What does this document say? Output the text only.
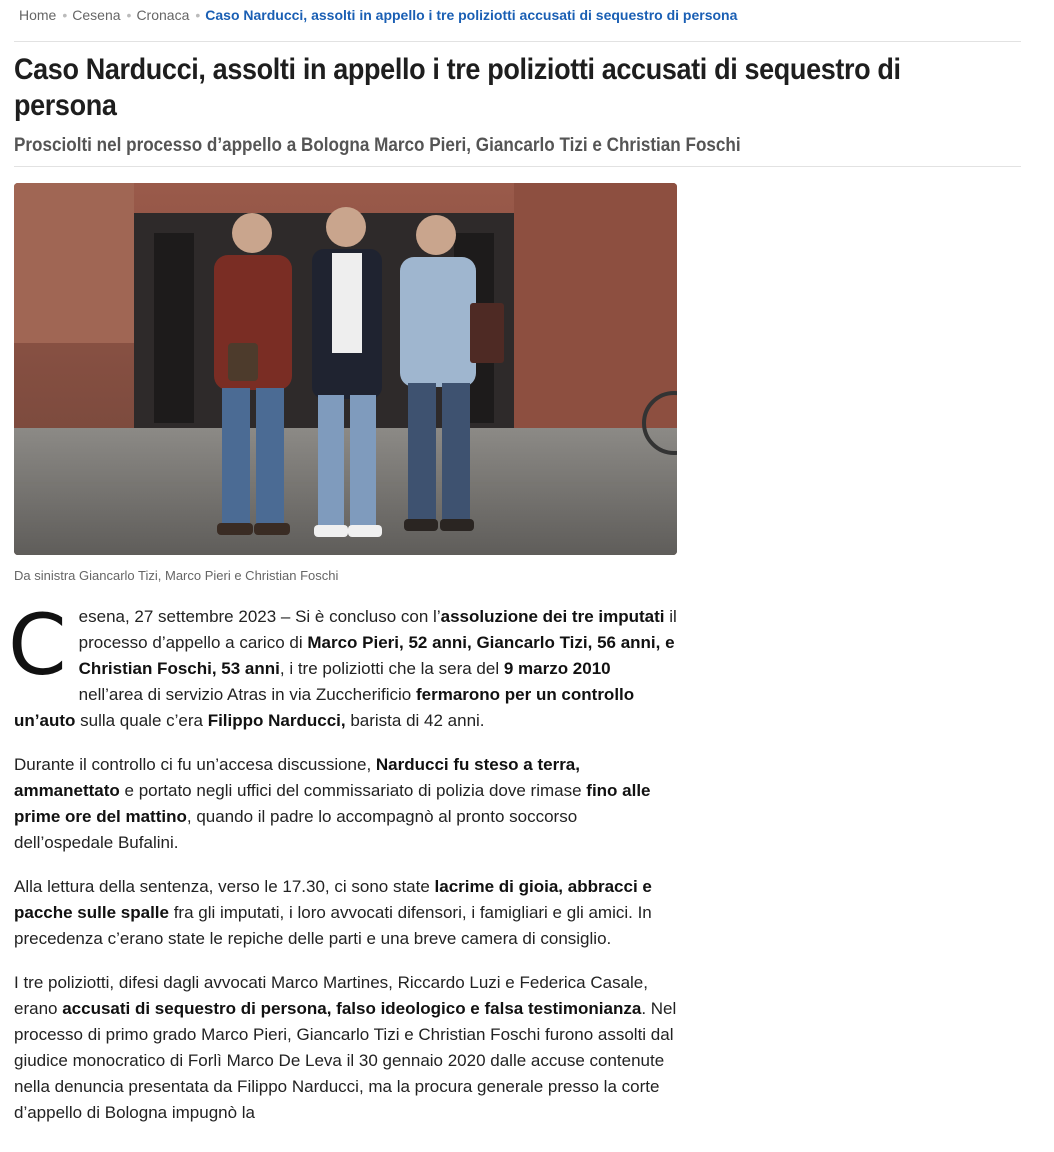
Home • Cesena • Cronaca • Caso Narducci, assolti in appello i tre poliziotti accusati di sequestro di persona
Caso Narducci, assolti in appello i tre poliziotti accusati di sequestro di persona
Prosciolti nel processo d’appello a Bologna Marco Pieri, Giancarlo Tizi e Christian Foschi
Da sinistra Giancarlo Tizi, Marco Pieri e Christian Foschi
C esena, 27 settembre 2023 – Si è concluso con l’assoluzione dei tre imputati il processo d’appello a carico di Marco Pieri, 52 anni, Giancarlo Tizi, 56 anni, e Christian Foschi, 53 anni, i tre poliziotti che la sera del 9 marzo 2010 nell’area di servizio Atras in via Zuccherificio fermarono per un controllo un’auto sulla quale c’era Filippo Narducci, barista di 42 anni.

Durante il controllo ci fu un’accesa discussione, Narducci fu steso a terra, ammanettato e portato negli uffici del commissariato di polizia dove rimase fino alle prime ore del mattino, quando il padre lo accompagnò al pronto soccorso dell’ospedale Bufalini.

Alla lettura della sentenza, verso le 17.30, ci sono state lacrime di gioia, abbracci e pacche sulle spalle fra gli imputati, i loro avvocati difensori, i famigliari e gli amici. In precedenza c’erano state le repiche delle parti e una breve camera di consiglio.

I tre poliziotti, difesi dagli avvocati Marco Martines, Riccardo Luzi e Federica Casale, erano accusati di sequestro di persona, falso ideologico e falsa testimonianza. Nel processo di primo grado Marco Pieri, Giancarlo Tizi e Christian Foschi furono assolti dal giudice monocratico di Forlì Marco De Leva il 30 gennaio 2020 dalle accuse contenute nella denuncia presentata da Filippo Narducci, ma la procura generale presso la corte d’appello di Bologna impugnò la
